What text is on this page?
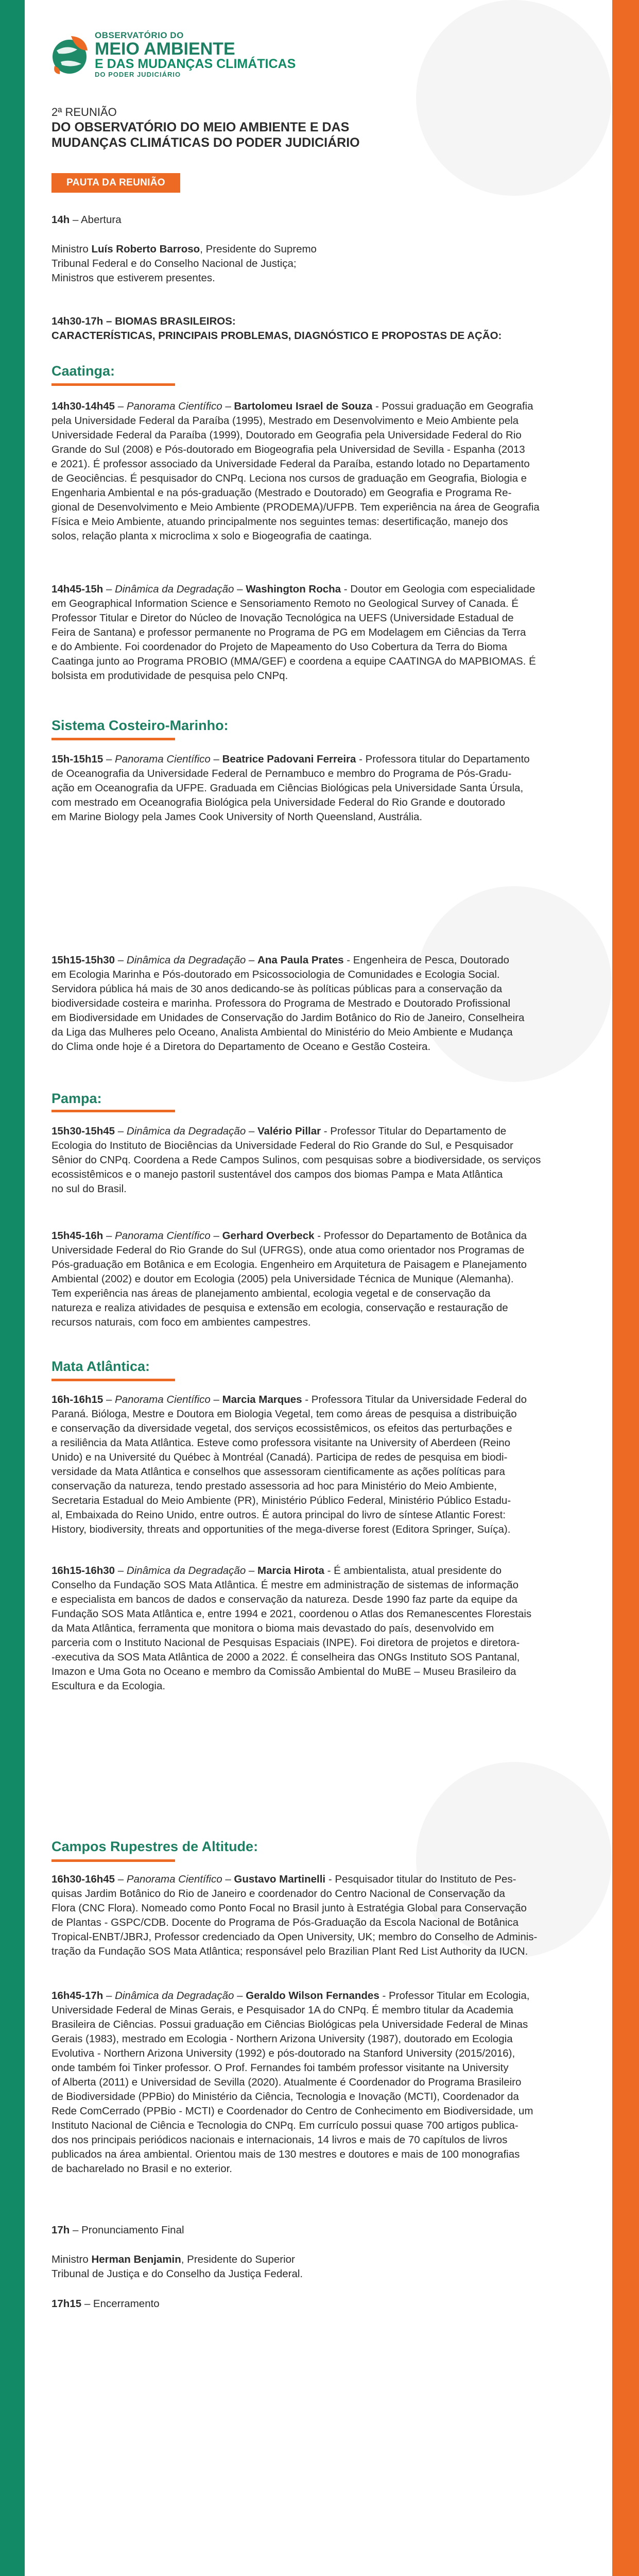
OBSERVATÓRIO DO
MEIO AMBIENTE
E DAS MUDANÇAS CLIMÁTICAS
DO PODER JUDICIÁRIO
2ª REUNIÃO
DO OBSERVATÓRIO DO MEIO AMBIENTE E DAS
MUDANÇAS CLIMÁTICAS DO PODER JUDICIÁRIO
PAUTA DA REUNIÃO
14h – Abertura
Ministro Luís Roberto Barroso, Presidente do Supremo
Tribunal Federal e do Conselho Nacional de Justiça;
Ministros que estiverem presentes.
14h30-17h – BIOMAS BRASILEIROS:
CARACTERÍSTICAS, PRINCIPAIS PROBLEMAS, DIAGNÓSTICO E PROPOSTAS DE AÇÃO:
Caatinga:
14h30-14h45 – Panorama Científico – Bartolomeu Israel de Souza - Possui graduação em Geografia
pela Universidade Federal da Paraíba (1995), Mestrado em Desenvolvimento e Meio Ambiente pela
Universidade Federal da Paraíba (1999), Doutorado em Geografia pela Universidade Federal do Rio
Grande do Sul (2008) e Pós-doutorado em Biogeografia pela Universidad de Sevilla - Espanha (2013
e 2021). É professor associado da Universidade Federal da Paraíba, estando lotado no Departamento
de Geociências. É pesquisador do CNPq. Leciona nos cursos de graduação em Geografia, Biologia e
Engenharia Ambiental e na pós-graduação (Mestrado e Doutorado) em Geografia e Programa Re-
gional de Desenvolvimento e Meio Ambiente (PRODEMA)/UFPB. Tem experiência na área de Geografia
Física e Meio Ambiente, atuando principalmente nos seguintes temas: desertificação, manejo dos
solos, relação planta x microclima x solo e Biogeografia de caatinga.
14h45-15h – Dinâmica da Degradação – Washington Rocha - Doutor em Geologia com especialidade
em Geographical Information Science e Sensoriamento Remoto no Geological Survey of Canada. É
Professor Titular e Diretor do Núcleo de Inovação Tecnológica na UEFS (Universidade Estadual de
Feira de Santana) e professor permanente no Programa de PG em Modelagem em Ciências da Terra
e do Ambiente. Foi coordenador do Projeto de Mapeamento do Uso Cobertura da Terra do Bioma
Caatinga junto ao Programa PROBIO (MMA/GEF) e coordena a equipe CAATINGA do MAPBIOMAS. É
bolsista em produtividade de pesquisa pelo CNPq.
Sistema Costeiro-Marinho:
15h-15h15 – Panorama Científico – Beatrice Padovani Ferreira - Professora titular do Departamento
de Oceanografia da Universidade Federal de Pernambuco e membro do Programa de Pós-Gradu-
ação em Oceanografia da UFPE. Graduada em Ciências Biológicas pela Universidade Santa Úrsula,
com mestrado em Oceanografia Biológica pela Universidade Federal do Rio Grande e doutorado
em Marine Biology pela James Cook University of North Queensland, Austrália.
15h15-15h30 – Dinâmica da Degradação – Ana Paula Prates - Engenheira de Pesca, Doutorado
em Ecologia Marinha e Pós-doutorado em Psicossociologia de Comunidades e Ecologia Social.
Servidora pública há mais de 30 anos dedicando-se às políticas públicas para a conservação da
biodiversidade costeira e marinha. Professora do Programa de Mestrado e Doutorado Profissional
em Biodiversidade em Unidades de Conservação do Jardim Botânico do Rio de Janeiro, Conselheira
da Liga das Mulheres pelo Oceano, Analista Ambiental do Ministério do Meio Ambiente e Mudança
do Clima onde hoje é a Diretora do Departamento de Oceano e Gestão Costeira.
Pampa:
15h30-15h45 – Dinâmica da Degradação – Valério Pillar - Professor Titular do Departamento de
Ecologia do Instituto de Biociências da Universidade Federal do Rio Grande do Sul, e Pesquisador
Sênior do CNPq. Coordena a Rede Campos Sulinos, com pesquisas sobre a biodiversidade, os serviços
ecossistêmicos e o manejo pastoril sustentável dos campos dos biomas Pampa e Mata Atlântica
no sul do Brasil.
15h45-16h – Panorama Científico – Gerhard Overbeck - Professor do Departamento de Botânica da
Universidade Federal do Rio Grande do Sul (UFRGS), onde atua como orientador nos Programas de
Pós-graduação em Botânica e em Ecologia. Engenheiro em Arquitetura de Paisagem e Planejamento
Ambiental (2002) e doutor em Ecologia (2005) pela Universidade Técnica de Munique (Alemanha).
Tem experiência nas áreas de planejamento ambiental, ecologia vegetal e de conservação da
natureza e realiza atividades de pesquisa e extensão em ecologia, conservação e restauração de
recursos naturais, com foco em ambientes campestres.
Mata Atlântica:
16h-16h15 – Panorama Científico – Marcia Marques - Professora Titular da Universidade Federal do
Paraná. Bióloga, Mestre e Doutora em Biologia Vegetal, tem como áreas de pesquisa a distribuição
e conservação da diversidade vegetal, dos serviços ecossistêmicos, os efeitos das perturbações e
a resiliência da Mata Atlântica. Esteve como professora visitante na University of Aberdeen (Reino
Unido) e na Université du Québec à Montréal (Canadá). Participa de redes de pesquisa em biodi-
versidade da Mata Atlântica e conselhos que assessoram cientificamente as ações políticas para
conservação da natureza, tendo prestado assessoria ad hoc para Ministério do Meio Ambiente,
Secretaria Estadual do Meio Ambiente (PR), Ministério Público Federal, Ministério Público Estadu-
al, Embaixada do Reino Unido, entre outros. É autora principal do livro de síntese Atlantic Forest:
History, biodiversity, threats and opportunities of the mega-diverse forest (Editora Springer, Suíça).
16h15-16h30 – Dinâmica da Degradação – Marcia Hirota - É ambientalista, atual presidente do
Conselho da Fundação SOS Mata Atlântica. É mestre em administração de sistemas de informação
e especialista em bancos de dados e conservação da natureza. Desde 1990 faz parte da equipe da
Fundação SOS Mata Atlântica e, entre 1994 e 2021, coordenou o Atlas dos Remanescentes Florestais
da Mata Atlântica, ferramenta que monitora o bioma mais devastado do país, desenvolvido em
parceria com o Instituto Nacional de Pesquisas Espaciais (INPE). Foi diretora de projetos e diretora-
-executiva da SOS Mata Atlântica de 2000 a 2022. É conselheira das ONGs Instituto SOS Pantanal,
Imazon e Uma Gota no Oceano e membro da Comissão Ambiental do MuBE – Museu Brasileiro da
Escultura e da Ecologia.
Campos Rupestres de Altitude:
16h30-16h45 – Panorama Científico – Gustavo Martinelli - Pesquisador titular do Instituto de Pes-
quisas Jardim Botânico do Rio de Janeiro e coordenador do Centro Nacional de Conservação da
Flora (CNC Flora). Nomeado como Ponto Focal no Brasil junto à Estratégia Global para Conservação
de Plantas - GSPC/CDB. Docente do Programa de Pós-Graduação da Escola Nacional de Botânica
Tropical-ENBT/JBRJ, Professor credenciado da Open University, UK; membro do Conselho de Adminis-
tração da Fundação SOS Mata Atlântica; responsável pelo Brazilian Plant Red List Authority da IUCN.
16h45-17h – Dinâmica da Degradação – Geraldo Wilson Fernandes - Professor Titular em Ecologia,
Universidade Federal de Minas Gerais, e Pesquisador 1A do CNPq. É membro titular da Academia
Brasileira de Ciências. Possui graduação em Ciências Biológicas pela Universidade Federal de Minas
Gerais (1983), mestrado em Ecologia - Northern Arizona University (1987), doutorado em Ecologia
Evolutiva - Northern Arizona University (1992) e pós-doutorado na Stanford University (2015/2016),
onde também foi Tinker professor. O Prof. Fernandes foi também professor visitante na University
of Alberta (2011) e Universidad de Sevilla (2020). Atualmente é Coordenador do Programa Brasileiro
de Biodiversidade (PPBio) do Ministério da Ciência, Tecnologia e Inovação (MCTI), Coordenador da
Rede ComCerrado (PPBio - MCTI) e Coordenador do Centro de Conhecimento em Biodiversidade, um
Instituto Nacional de Ciência e Tecnologia do CNPq. Em currículo possui quase 700 artigos publica-
dos nos principais periódicos nacionais e internacionais, 14 livros e mais de 70 capítulos de livros
publicados na área ambiental. Orientou mais de 130 mestres e doutores e mais de 100 monografias
de bacharelado no Brasil e no exterior.
17h – Pronunciamento Final
Ministro Herman Benjamin, Presidente do Superior
Tribunal de Justiça e do Conselho da Justiça Federal.
17h15 – Encerramento
